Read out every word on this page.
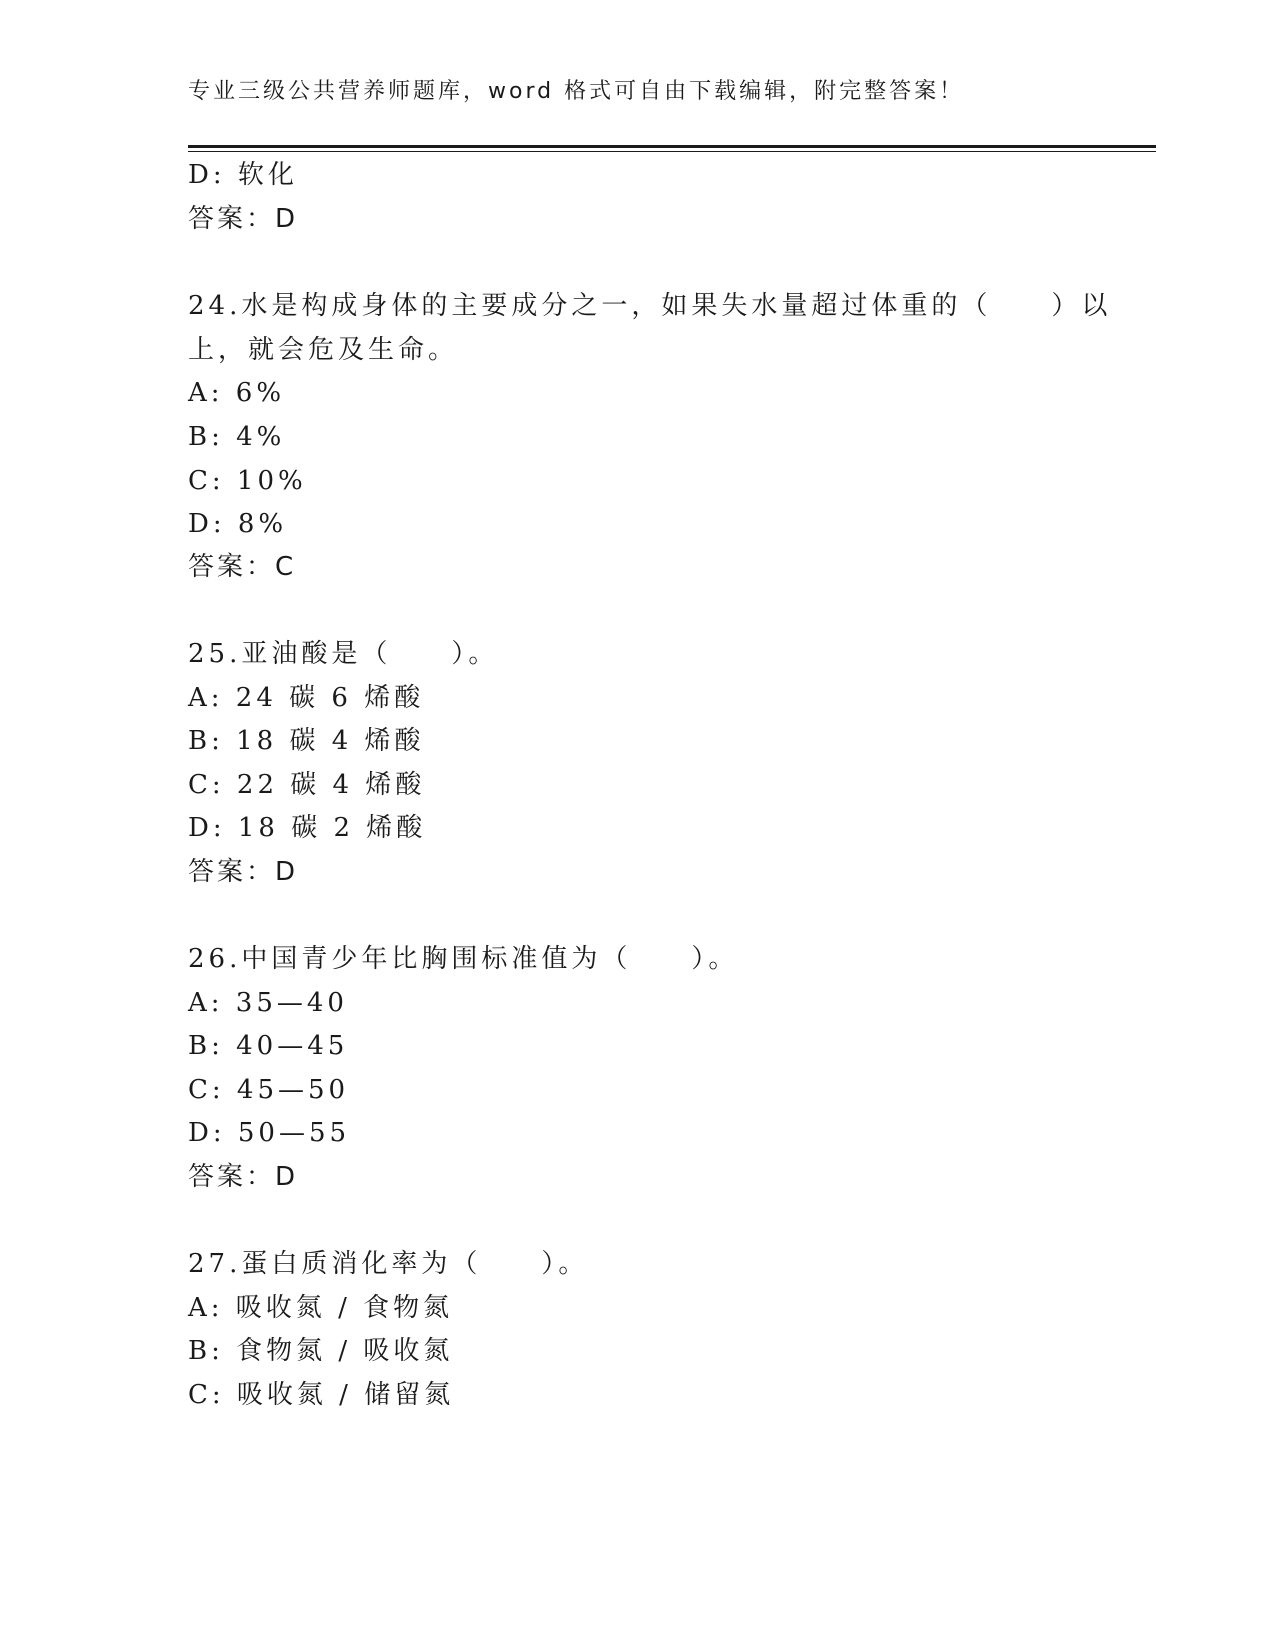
专业三级公共营养师题库，word 格式可自由下载编辑，附完整答案！
D: 软化
答案：D
24.水是构成身体的主要成分之一，如果失水量超过体重的（　　）以
上，就会危及生命。
A: 6%
B: 4%
C: 10%
D: 8%
答案：C
25.亚油酸是（　　）。
A: 24 碳 6 烯酸
B: 18 碳 4 烯酸
C: 22 碳 4 烯酸
D: 18 碳 2 烯酸
答案：D
26.中国青少年比胸围标准值为（　　）。
A: 35—40
B: 40—45
C: 45—50
D: 50—55
答案：D
27.蛋白质消化率为（　　）。
A: 吸收氮 / 食物氮
B: 食物氮 / 吸收氮
C: 吸收氮 / 储留氮
